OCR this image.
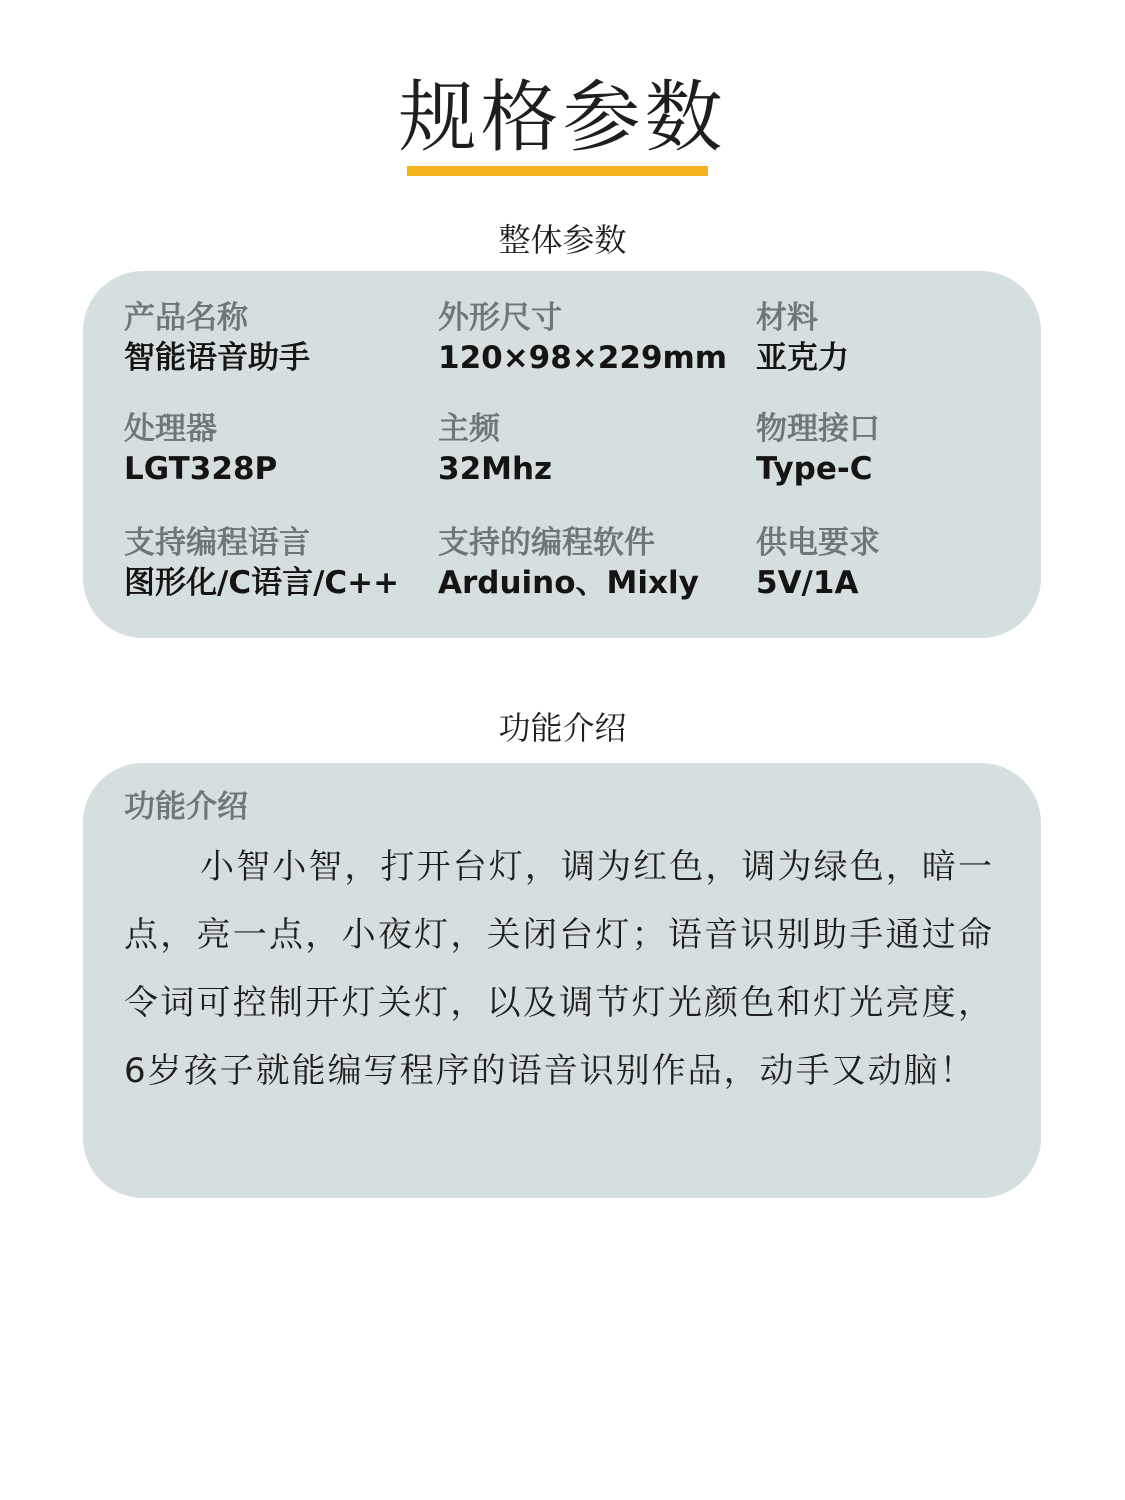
规格参数
整体参数
产品名称
智能语音助手
外形尺寸
120×98×229mm
材料
亚克力
处理器
LGT328P
主频
32Mhz
物理接口
Type-C
支持编程语言
图形化/C语言/C++
支持的编程软件
Arduino、Mixly
供电要求
5V/1A
功能介绍
功能介绍
小智小智，打开台灯，调为红色，调为绿色，暗一点，亮一点，小夜灯，关闭台灯；语音识别助手通过命令词可控制开灯关灯，以及调节灯光颜色和灯光亮度，6岁孩子就能编写程序的语音识别作品，动手又动脑！
